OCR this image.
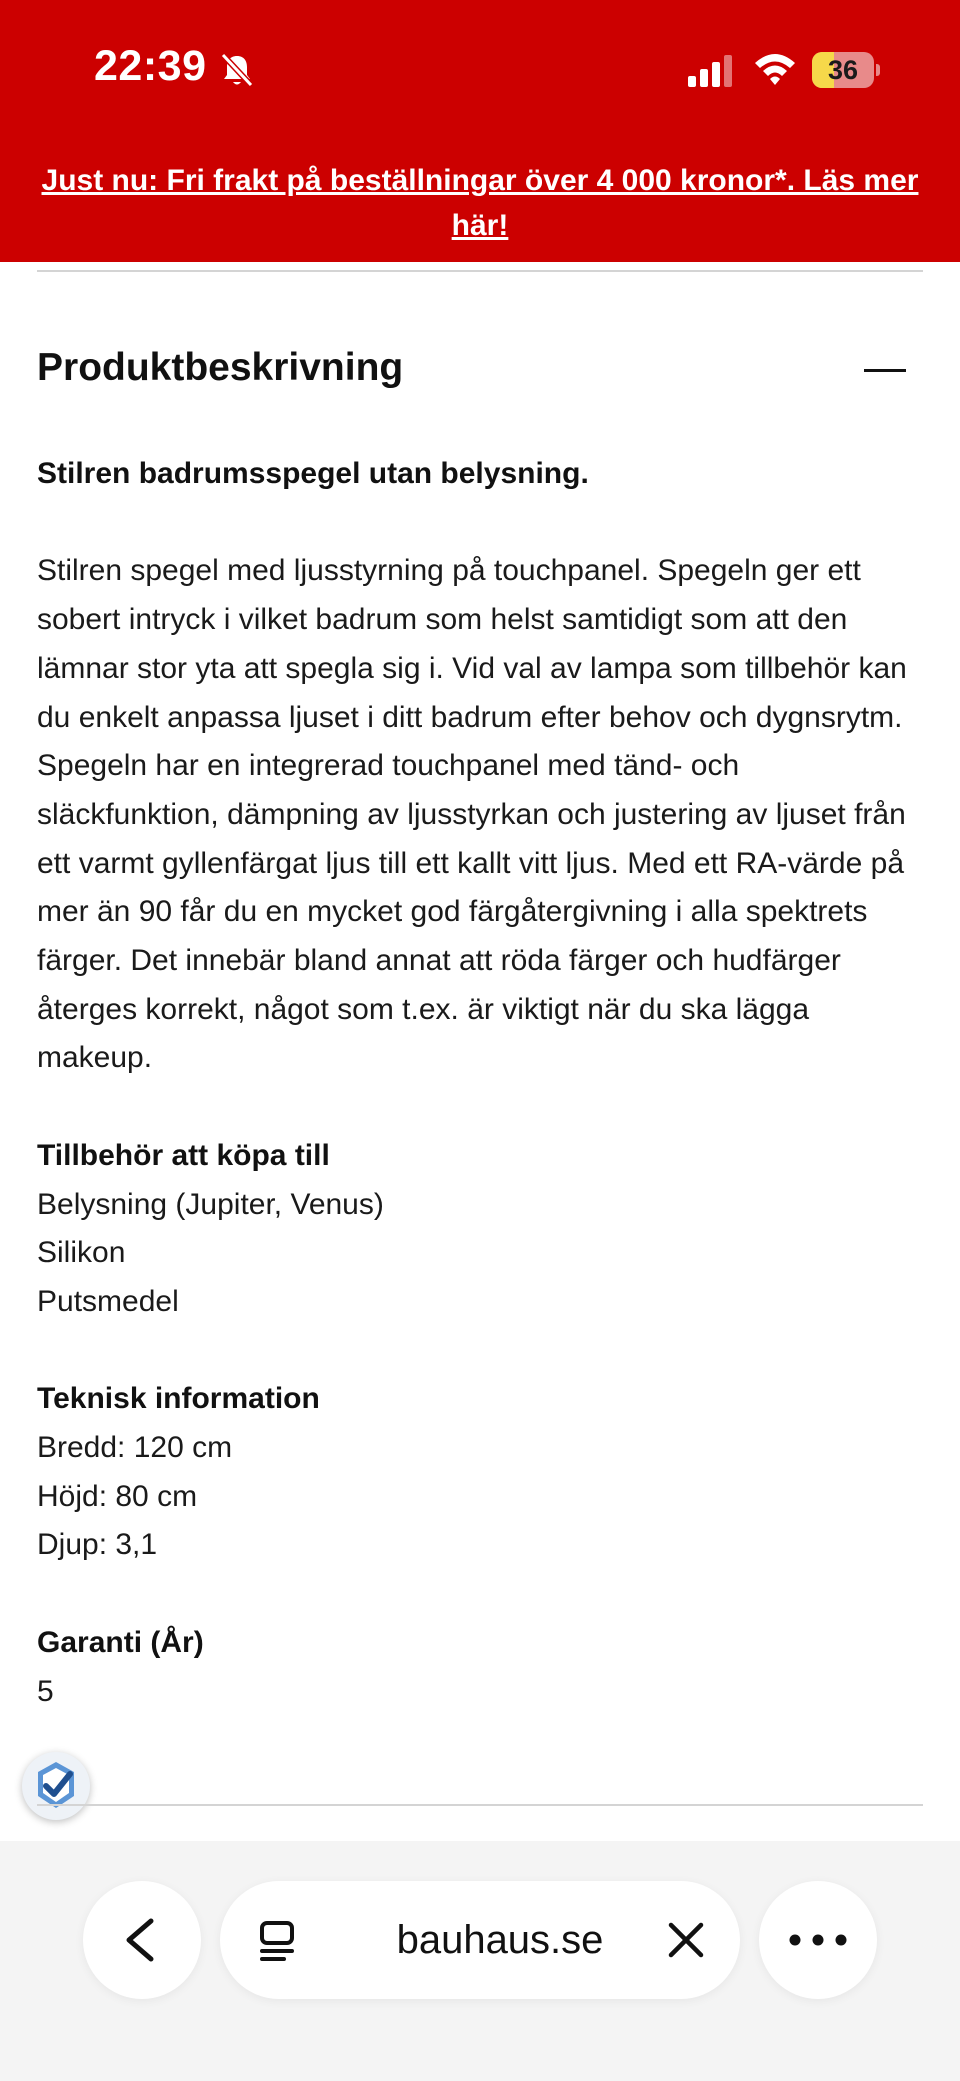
22:39	36
Just nu: Fri frakt på beställningar över 4 000 kronor*. Läs mer här!
Produktbeskrivning

Stilren badrumsspegel utan belysning.

Stilren spegel med ljusstyrning på touchpanel. Spegeln ger ett sobert intryck i vilket badrum som helst samtidigt som att den lämnar stor yta att spegla sig i. Vid val av lampa som tillbehör kan du enkelt anpassa ljuset i ditt badrum efter behov och dygnsrytm. Spegeln har en integrerad touchpanel med tänd- och släckfunktion, dämpning av ljusstyrkan och justering av ljuset från ett varmt gyllenfärgat ljus till ett kallt vitt ljus. Med ett RA-värde på mer än 90 får du en mycket god färgåtergivning i alla spektrets färger. Det innebär bland annat att röda färger och hudfärger återges korrekt, något som t.ex. är viktigt när du ska lägga makeup.

Tillbehör att köpa till

Belysning (Jupiter, Venus)

Silikon

Putsmedel

Teknisk information

Bredd: 120 cm

Höjd: 80 cm

Djup: 3,1

Garanti (År)

5

bauhaus.se
